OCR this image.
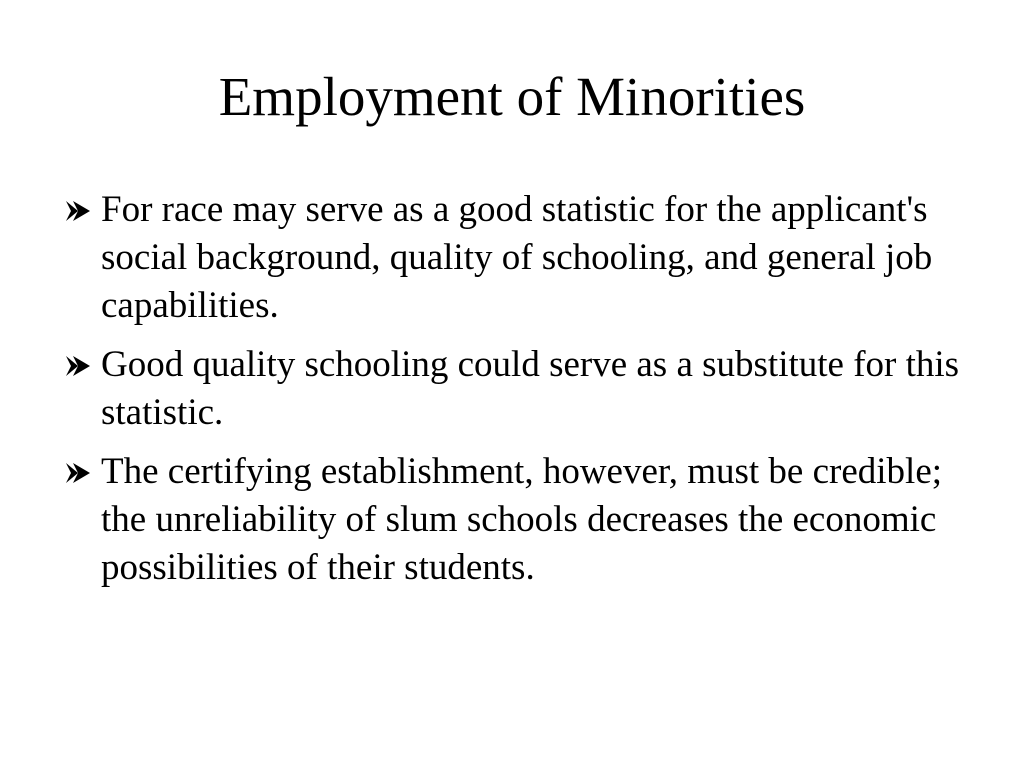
Employment of Minorities
For race may serve as a good statistic for the applicant's social background, quality of schooling, and general job capabilities.
Good quality schooling could serve as a substitute for this statistic.
The certifying establishment, however, must be credible; the unreliability of slum schools decreases the economic possibilities of their students.
